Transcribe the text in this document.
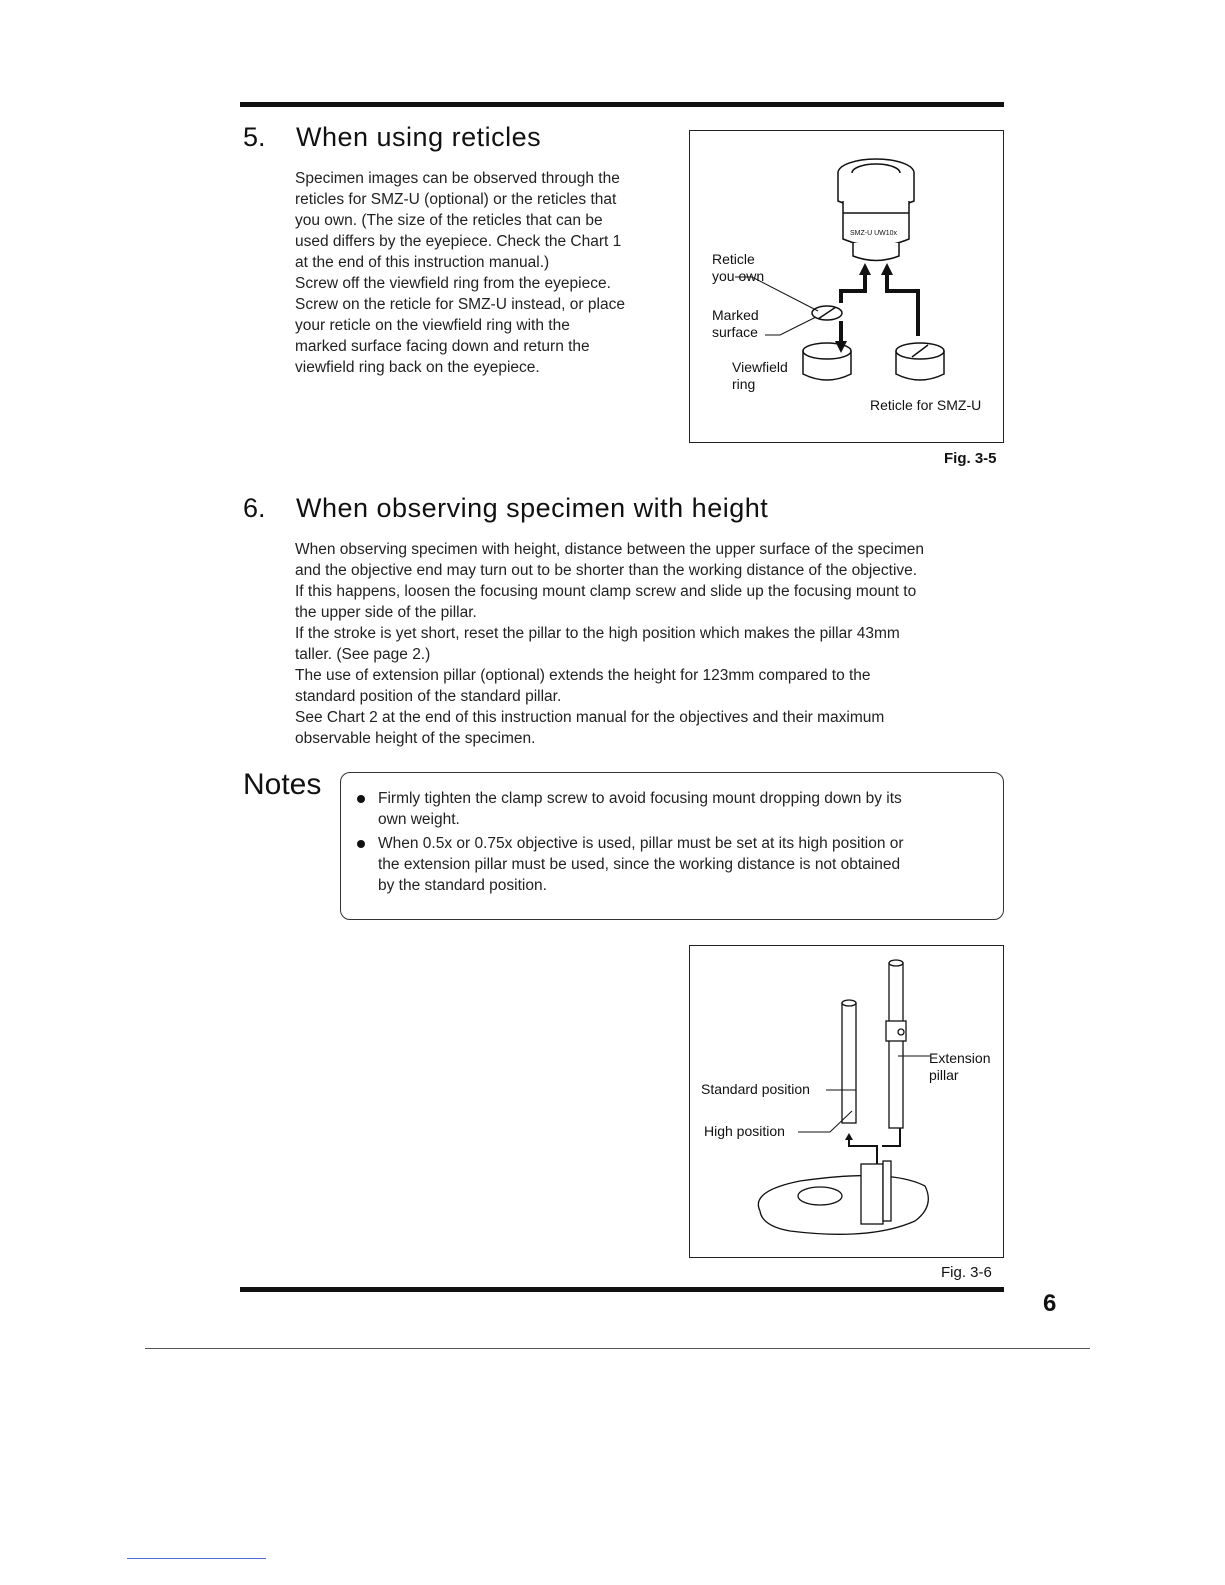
5. When using reticles

Specimen images can be observed through the

reticles for SMZ-U (optional) or the reticles that

you own. (The size of the reticles that can be

used differs by the eyepiece. Check the Chart 1

at the end of this instruction manual.)

Screw off the viewfield ring from the eyepiece.

Screw on the reticle for SMZ-U instead, or place

your reticle on the viewfield ring with the

marked surface facing down and return the

viewfield ring back on the eyepiece.

SMZ-U UW10x
Reticle
you own
Marked
surface
Viewfield
ring
Reticle for SMZ-U
Fig. 3-5
6. When observing specimen with height

When observing specimen with height, distance between the upper surface of the specimen

and the objective end may turn out to be shorter than the working distance of the objective.

If this happens, loosen the focusing mount clamp screw and slide up the focusing mount to

the upper side of the pillar.

If the stroke is yet short, reset the pillar to the high position which makes the pillar 43mm

taller. (See page 2.)

The use of extension pillar (optional) extends the height for 123mm compared to the

standard position of the standard pillar.

See Chart 2 at the end of this instruction manual for the objectives and their maximum

observable height of the specimen.

Notes	Firmly tighten the clamp screw to avoid focusing mount dropping down by its
own weight.
When 0.5x or 0.75x objective is used, pillar must be set at its high position or
the extension pillar must be used, since the working distance is not obtained
by the standard position.
Standard position
High position
Extension
pillar
Fig. 3-6
6
